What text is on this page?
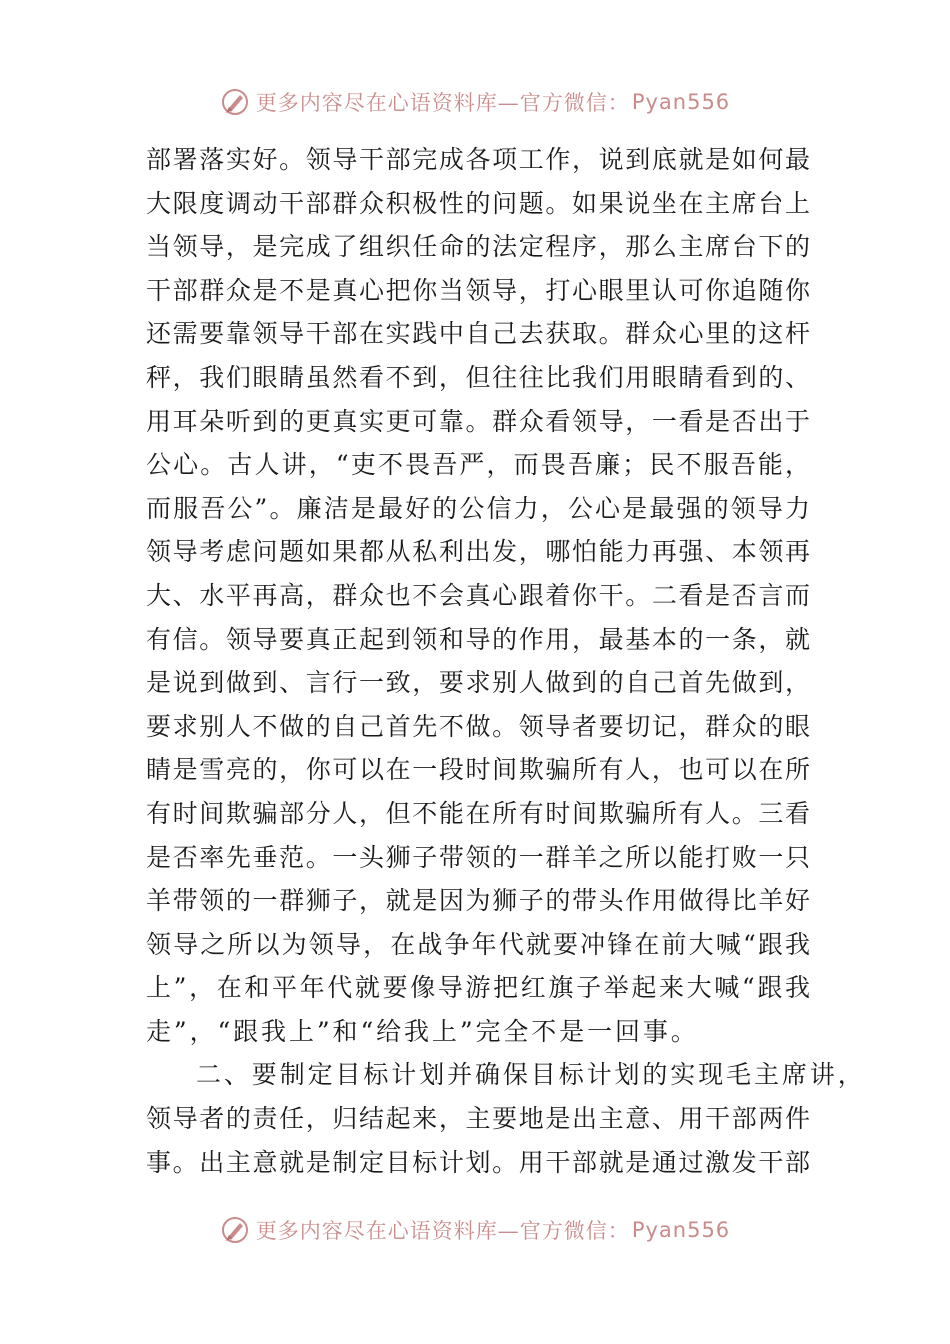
更多内容尽在心语资料库—官方微信： Pyan556
部署落实好。领导干部完成各项工作，说到底就是如何最
大限度调动干部群众积极性的问题。如果说坐在主席台上
当领导，是完成了组织任命的法定程序，那么主席台下的
干部群众是不是真心把你当领导，打心眼里认可你追随你
还需要靠领导干部在实践中自己去获取。群众心里的这杆
秤，我们眼睛虽然看不到，但往往比我们用眼睛看到的、
用耳朵听到的更真实更可靠。群众看领导，一看是否出于
公心。古人讲，“吏不畏吾严，而畏吾廉；民不服吾能，
而服吾公”。廉洁是最好的公信力，公心是最强的领导力
领导考虑问题如果都从私利出发，哪怕能力再强、本领再
大、水平再高，群众也不会真心跟着你干。二看是否言而
有信。领导要真正起到领和导的作用，最基本的一条，就
是说到做到、言行一致，要求别人做到的自己首先做到，
要求别人不做的自己首先不做。领导者要切记，群众的眼
睛是雪亮的，你可以在一段时间欺骗所有人，也可以在所
有时间欺骗部分人，但不能在所有时间欺骗所有人。三看
是否率先垂范。一头狮子带领的一群羊之所以能打败一只
羊带领的一群狮子，就是因为狮子的带头作用做得比羊好
领导之所以为领导，在战争年代就要冲锋在前大喊“跟我
上”，在和平年代就要像导游把红旗子举起来大喊“跟我
走”，“跟我上”和“给我上”完全不是一回事。
二、要制定目标计划并确保目标计划的实现毛主席讲，
领导者的责任，归结起来，主要地是出主意、用干部两件
事。出主意就是制定目标计划。用干部就是通过激发干部
更多内容尽在心语资料库—官方微信： Pyan556
